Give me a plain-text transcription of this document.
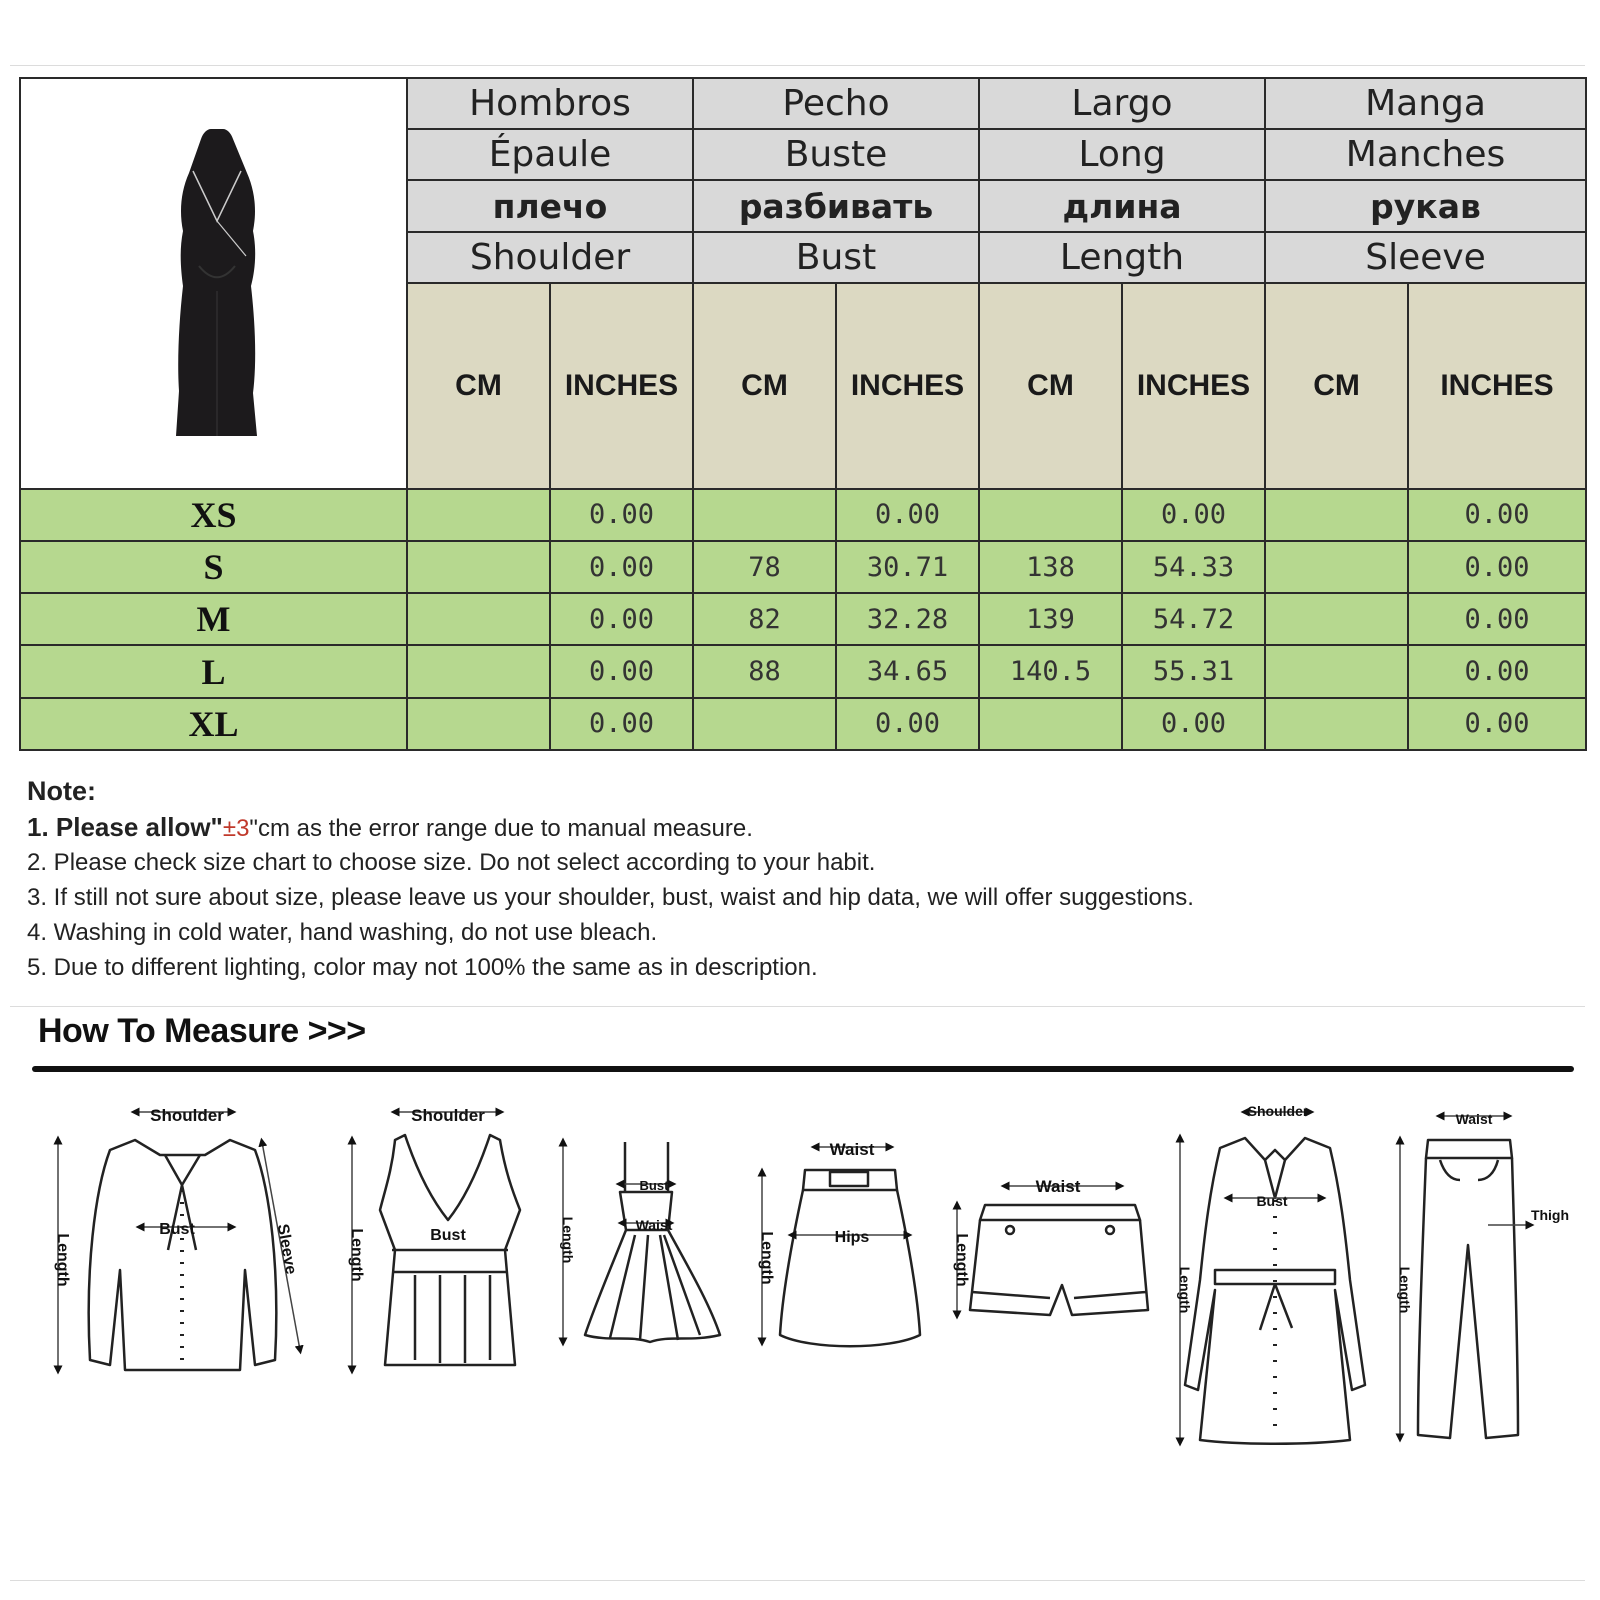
	Hombros		Pecho		Largo		Manga	
	Épaule		Buste		Long		Manches	
	плечо		разбивать		длина		рукав	
	Shoulder		Bust		Length		Sleeve	
	CM	INCHES	CM	INCHES	CM	INCHES	CM	INCHES
XS		0.00		0.00		0.00		0.00
S		0.00	78	30.71	138	54.33		0.00
M		0.00	82	32.28	139	54.72		0.00
L		0.00	88	34.65	140.5	55.31		0.00
XL		0.00		0.00		0.00		0.00
Note:
1. Please allow"±3"cm as the error range due to manual measure.
2. Please check size chart to choose size. Do not select according to your habit.
3. If still not sure about size, please leave us your shoulder, bust, waist and hip data, we will offer suggestions.
4. Washing in cold water, hand washing, do not use bleach.
5. Due to different lighting, color may not 100% the same as in description.
How To Measure >>>
Shoulder
Bust	Sleeve
Length
Shoulder
Bust
Length
Bust
Waist
Length
Waist
Hips
Length
Waist
Length
Shoulder
Bust
Length
Waist
Thigh
Length
